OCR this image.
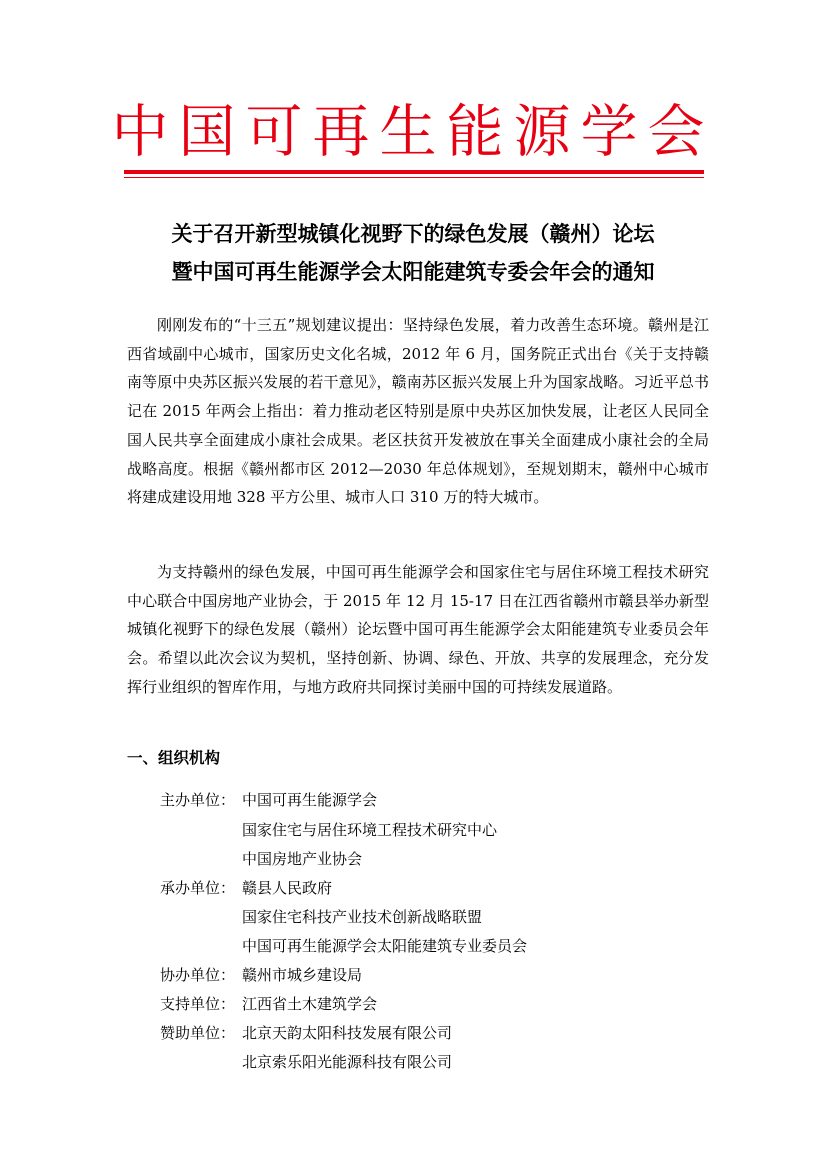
中国可再生能源学会
关于召开新型城镇化视野下的绿色发展（赣州）论坛
暨中国可再生能源学会太阳能建筑专委会年会的通知

刚刚发布的“十三五”规划建议提出：坚持绿色发展，着力改善生态环境。赣州是江西省域副中心城市，国家历史文化名城，2012 年 6 月，国务院正式出台《关于支持赣南等原中央苏区振兴发展的若干意见》，赣南苏区振兴发展上升为国家战略。习近平总书记在 2015 年两会上指出：着力推动老区特别是原中央苏区加快发展，让老区人民同全国人民共享全面建成小康社会成果。老区扶贫开发被放在事关全面建成小康社会的全局战略高度。根据《赣州都市区 2012—2030 年总体规划》，至规划期末，赣州中心城市将建成建设用地 328 平方公里、城市人口 310 万的特大城市。

为支持赣州的绿色发展，中国可再生能源学会和国家住宅与居住环境工程技术研究中心联合中国房地产业协会，于 2015 年 12 月 15-17 日在江西省赣州市赣县举办新型城镇化视野下的绿色发展（赣州）论坛暨中国可再生能源学会太阳能建筑专业委员会年会。希望以此次会议为契机，坚持创新、协调、绿色、开放、共享的发展理念，充分发挥行业组织的智库作用，与地方政府共同探讨美丽中国的可持续发展道路。

一、组织机构
主办单位： 中国可再生能源学会
国家住宅与居住环境工程技术研究中心
中国房地产业协会
承办单位： 赣县人民政府
国家住宅科技产业技术创新战略联盟
中国可再生能源学会太阳能建筑专业委员会
协办单位： 赣州市城乡建设局
支持单位： 江西省土木建筑学会
赞助单位： 北京天韵太阳科技发展有限公司
北京索乐阳光能源科技有限公司
